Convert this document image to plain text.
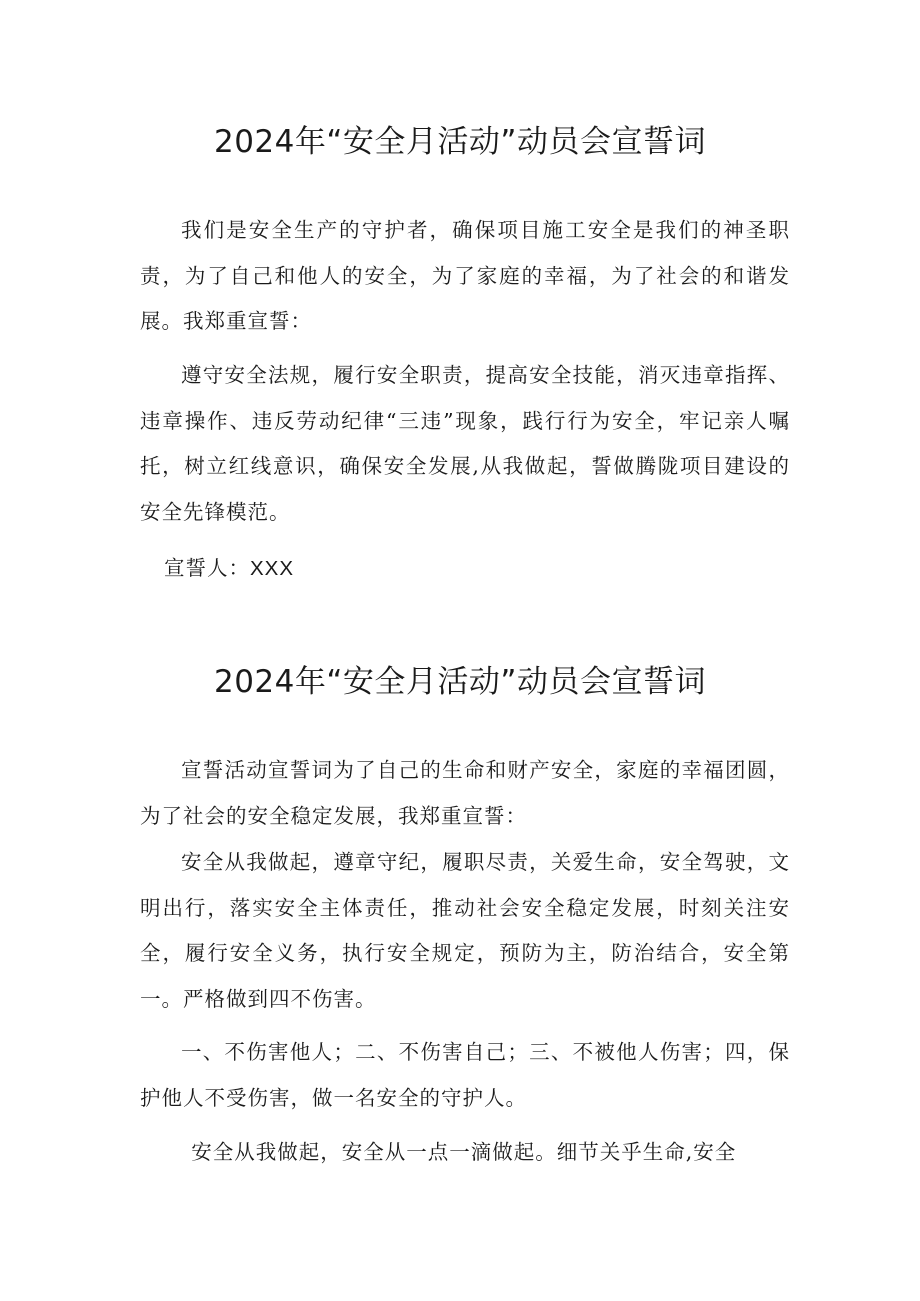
2024年“安全月活动”动员会宣誓词

我们是安全生产的守护者，确保项目施工安全是我们的神圣职责，为了自己和他人的安全，为了家庭的幸福，为了社会的和谐发展。我郑重宣誓：

遵守安全法规，履行安全职责，提高安全技能，消灭违章指挥、违章操作、违反劳动纪律“三违”现象，践行行为安全，牢记亲人嘱托，树立红线意识，确保安全发展,从我做起，誓做腾陇项目建设的安全先锋模范。

宣誓人：XXX
2024年“安全月活动”动员会宣誓词

宣誓活动宣誓词为了自己的生命和财产安全，家庭的幸福团圆，为了社会的安全稳定发展，我郑重宣誓：

安全从我做起，遵章守纪，履职尽责，关爱生命，安全驾驶，文明出行，落实安全主体责任，推动社会安全稳定发展，时刻关注安全，履行安全义务，执行安全规定，预防为主，防治结合，安全第一。严格做到四不伤害。

一、不伤害他人；二、不伤害自己；三、不被他人伤害；四，保护他人不受伤害，做一名安全的守护人。

安全从我做起，安全从一点一滴做起。细节关乎生命,安全
